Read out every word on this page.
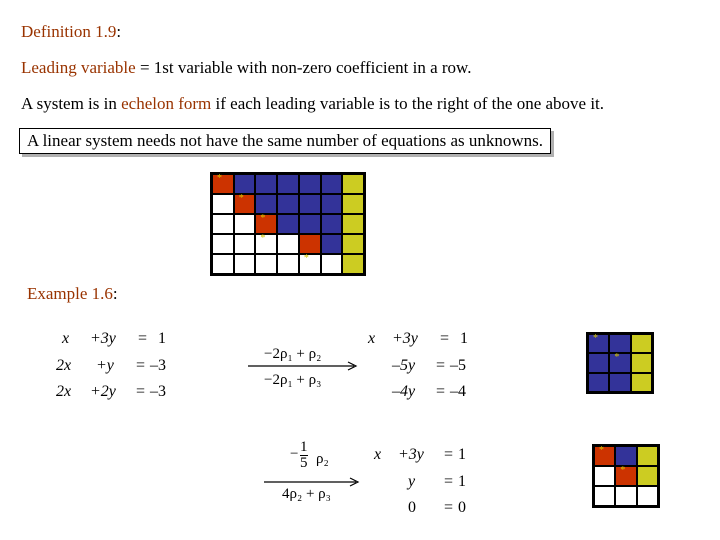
Definition 1.9:
Leading variable = 1st variable with non-zero coefficient in a row.
A system is in echelon form if each leading variable is to the right of the one above it.
A linear system needs not have the same number of equations as unknowns.
*
*
*
*
*
Example 1.6:
x +3y = 1
2x +y = –3
2x +2y = –3
−2ρ₁ + ρ₂
−2ρ₁ + ρ₃
x +3y = 1
–5y = –5
–4y = –4
*
*
− $\frac{1}{5} \rho_2$
4ρ₂ + ρ₃
x +3y = 1
y = 1
0 = 0
*
*
